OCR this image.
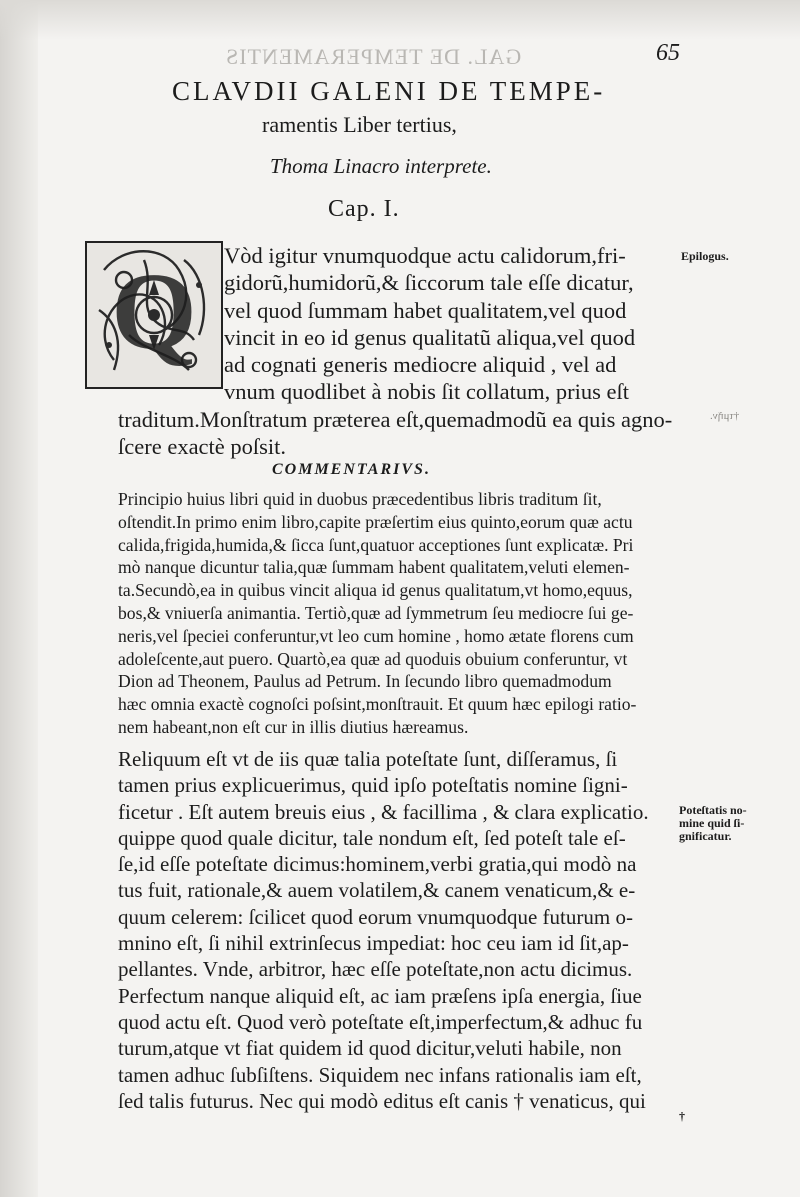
GAL. DE TEMPERAMENTIS
†τμῆν.
65
CLAVDII GALENI DE TEMPE-
ramentis Liber tertius,
Thoma Linacro interprete.
Cap. I.
Q Vòd igitur vnumquodque actu calidorum,fri-
gidorũ,humidorũ,& ſiccorum tale eſſe dicatur,
vel quod ſummam habet qualitatem,vel quod
vincit in eo id genus qualitatũ aliqua,vel quod
ad cognati generis mediocre aliquid , vel ad
vnum quodlibet à nobis ſit collatum, prius eſt
traditum.Monſtratum præterea eſt,quemadmodũ ea quis agno-
ſcere exactè poſsit.
Epilogus.
COMMENTARIVS.
Principio huius libri quid in duobus præcedentibus libris traditum ſit,
oſtendit.In primo enim libro,capite præſertim eius quinto,eorum quæ actu
calida,frigida,humida,& ſicca ſunt,quatuor acceptiones ſunt explicatæ. Pri
mò nanque dicuntur talia,quæ ſummam habent qualitatem,veluti elemen-
ta.Secundò,ea in quibus vincit aliqua id genus qualitatum,vt homo,equus,
bos,& vniuerſa animantia. Tertiò,quæ ad ſymmetrum ſeu mediocre ſui ge-
neris,vel ſpeciei conferuntur,vt leo cum homine , homo ætate florens cum
adoleſcente,aut puero. Quartò,ea quæ ad quoduis obuium conferuntur, vt
Dion ad Theonem, Paulus ad Petrum. In ſecundo libro quemadmodum
hæc omnia exactè cognoſci poſsint,monſtrauit. Et quum hæc epilogi ratio-
nem habeant,non eſt cur in illis diutius hæreamus.
Reliquum eſt vt de iis quæ talia poteſtate ſunt, diſſeramus, ſi
tamen prius explicuerimus, quid ipſo poteſtatis nomine ſigni-
ficetur . Eſt autem breuis eius , & facillima , & clara explicatio.
quippe quod quale dicitur, tale nondum eſt, ſed poteſt tale eſ-
ſe,id eſſe poteſtate dicimus:hominem,verbi gratia,qui modò na
tus fuit, rationale,& auem volatilem,& canem venaticum,& e-
quum celerem: ſcilicet quod eorum vnumquodque futurum o-
mnino eſt, ſi nihil extrinſecus impediat: hoc ceu iam id ſit,ap-
pellantes. Vnde, arbitror, hæc eſſe poteſtate,non actu dicimus.
Perfectum nanque aliquid eſt, ac iam præſens ipſa energia, ſiue
quod actu eſt. Quod verò poteſtate eſt,imperfectum,& adhuc fu
turum,atque vt fiat quidem id quod dicitur,veluti habile, non
tamen adhuc ſubſiſtens. Siquidem nec infans rationalis iam eſt,
ſed talis futurus. Nec qui modò editus eſt canis † venaticus, qui
Poteſtatis no-
mine quid ſi-
gnificatur.
†
